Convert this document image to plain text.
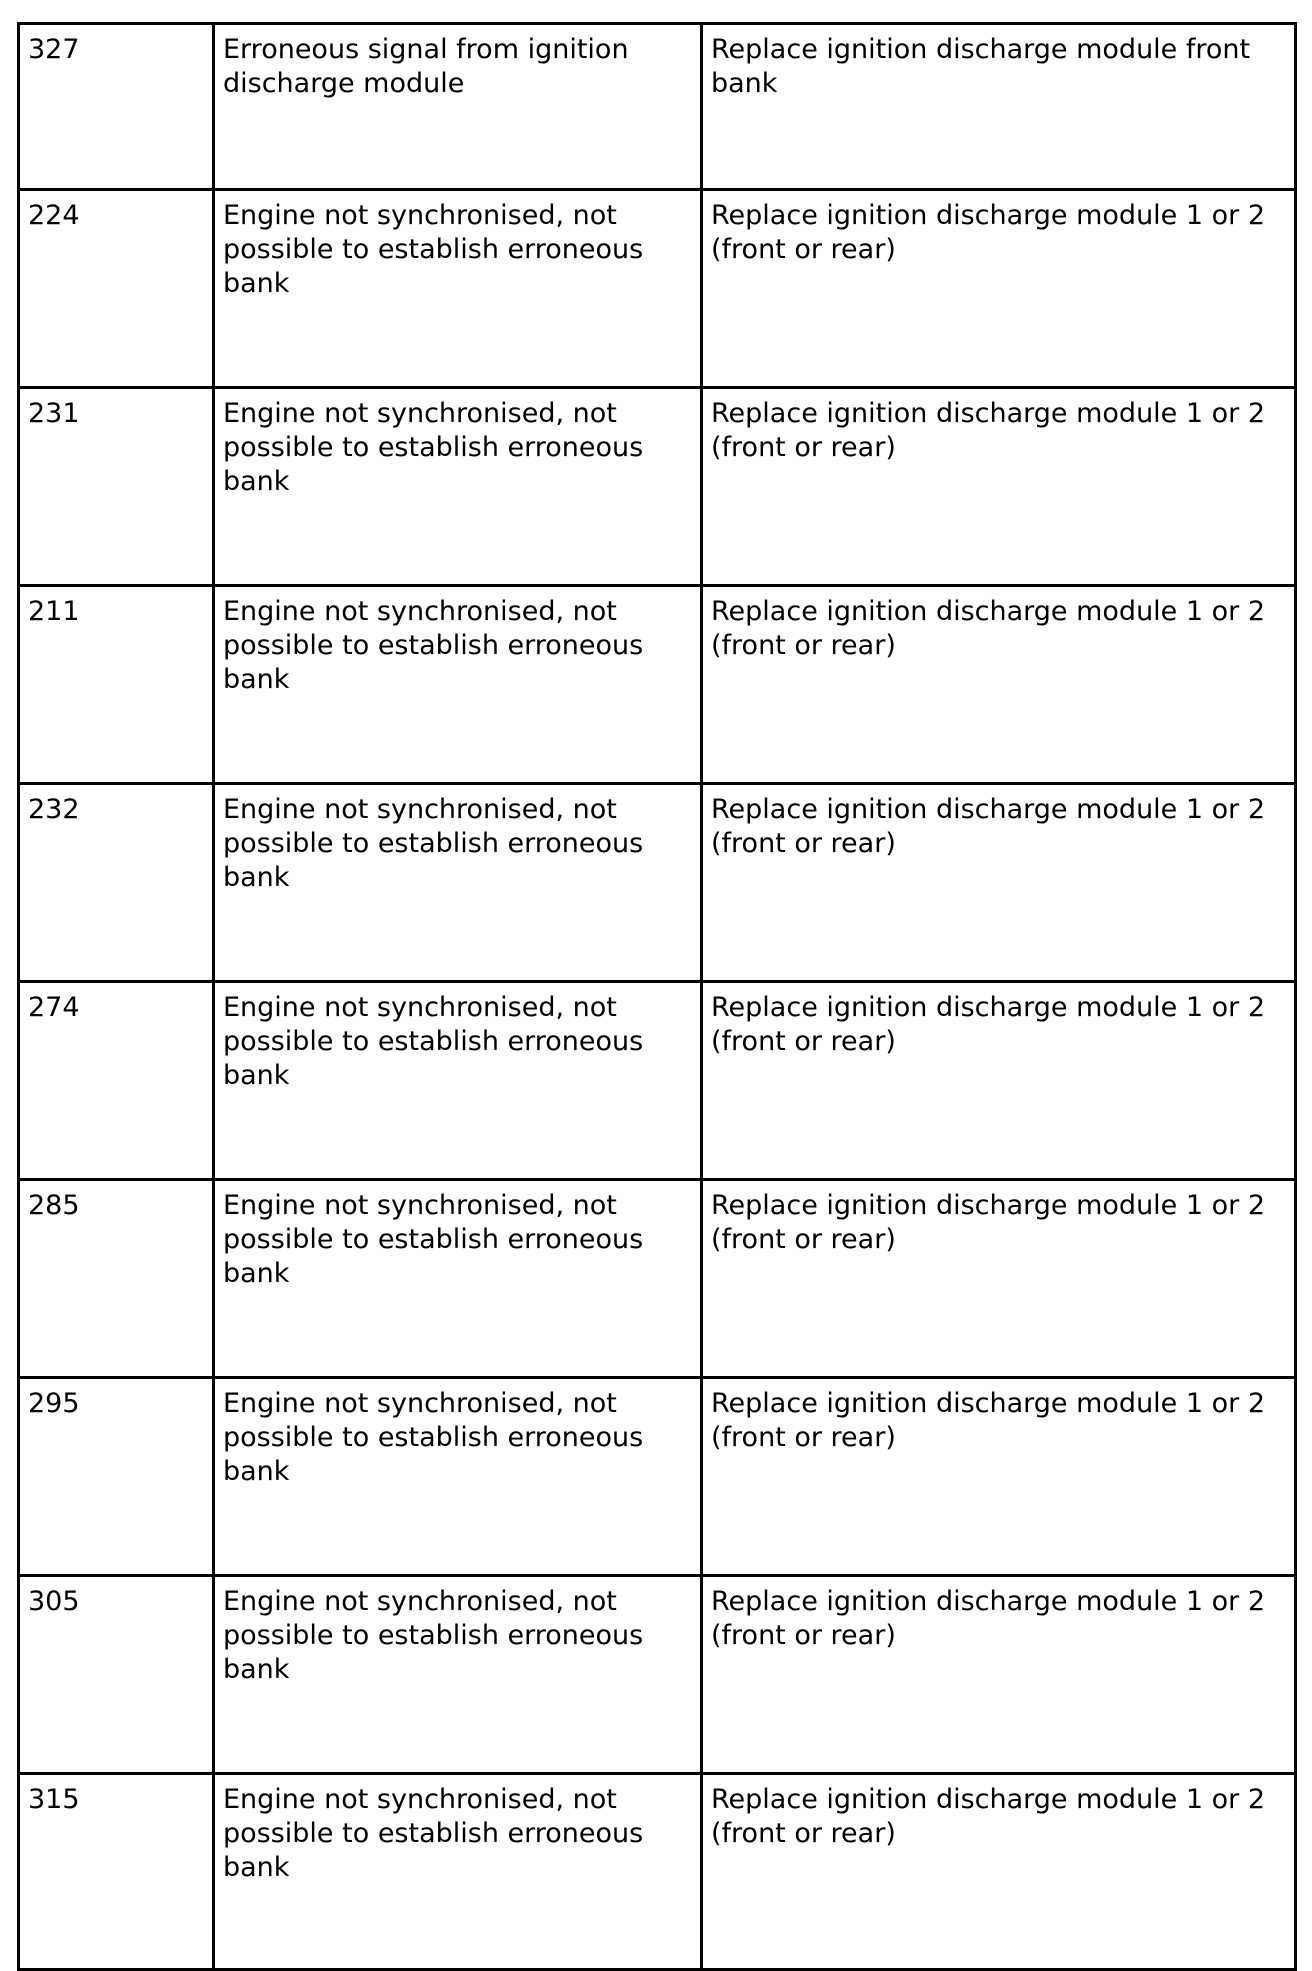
327	Erroneous signal from ignition discharge module	Replace ignition discharge module front bank
224	Engine not synchronised, not possible to establish erroneous bank	Replace ignition discharge module 1 or 2 (front or rear)
231	Engine not synchronised, not possible to establish erroneous bank	Replace ignition discharge module 1 or 2 (front or rear)
211	Engine not synchronised, not possible to establish erroneous bank	Replace ignition discharge module 1 or 2 (front or rear)
232	Engine not synchronised, not possible to establish erroneous bank	Replace ignition discharge module 1 or 2 (front or rear)
274	Engine not synchronised, not possible to establish erroneous bank	Replace ignition discharge module 1 or 2 (front or rear)
285	Engine not synchronised, not possible to establish erroneous bank	Replace ignition discharge module 1 or 2 (front or rear)
295	Engine not synchronised, not possible to establish erroneous bank	Replace ignition discharge module 1 or 2 (front or rear)
305	Engine not synchronised, not possible to establish erroneous bank	Replace ignition discharge module 1 or 2 (front or rear)
315	Engine not synchronised, not possible to establish erroneous bank	Replace ignition discharge module 1 or 2 (front or rear)
